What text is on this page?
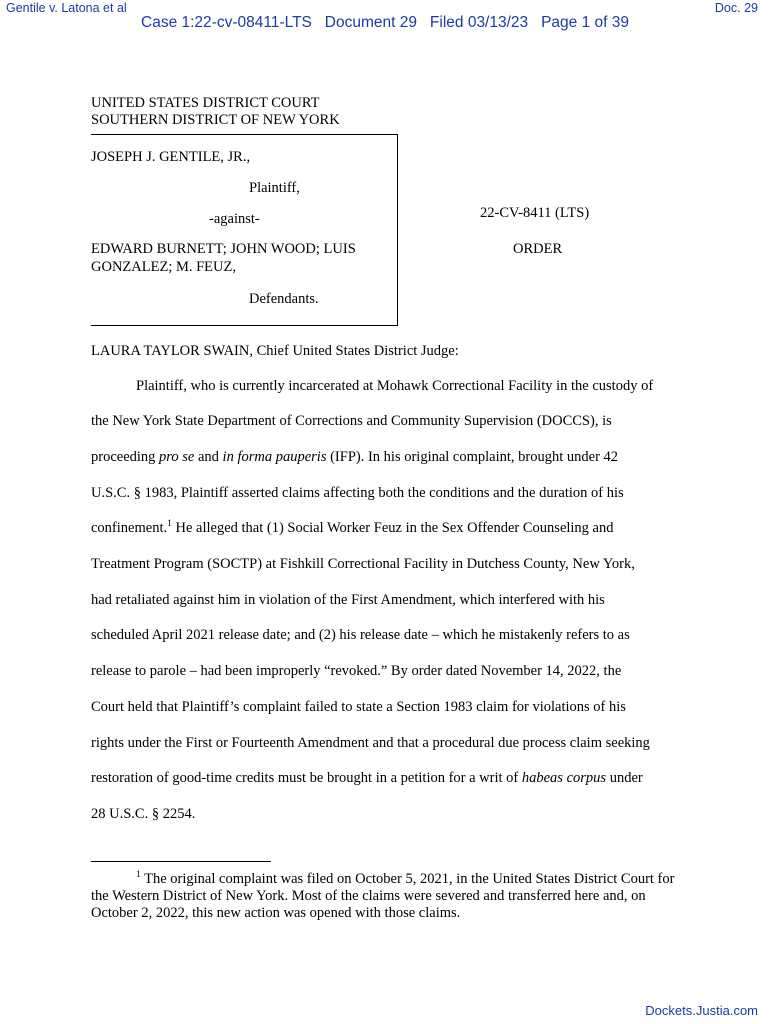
Gentile v. Latona et al	Doc. 29
Case 1:22-cv-08411-LTS   Document 29   Filed 03/13/23   Page 1 of 39
UNITED STATES DISTRICT COURT
SOUTHERN DISTRICT OF NEW YORK
JOSEPH J. GENTILE, JR.,
Plaintiff,
-against-
EDWARD BURNETT; JOHN WOOD; LUIS
GONZALEZ; M. FEUZ,
Defendants.
22-CV-8411 (LTS)
ORDER
LAURA TAYLOR SWAIN, Chief United States District Judge:
Plaintiff, who is currently incarcerated at Mohawk Correctional Facility in the custody of
the New York State Department of Corrections and Community Supervision (DOCCS), is
proceeding pro se and in forma pauperis (IFP). In his original complaint, brought under 42
U.S.C. § 1983, Plaintiff asserted claims affecting both the conditions and the duration of his
confinement.$^1$ He alleged that (1) Social Worker Feuz in the Sex Offender Counseling and
Treatment Program (SOCTP) at Fishkill Correctional Facility in Dutchess County, New York,
had retaliated against him in violation of the First Amendment, which interfered with his
scheduled April 2021 release date; and (2) his release date – which he mistakenly refers to as
release to parole – had been improperly “revoked.” By order dated November 14, 2022, the
Court held that Plaintiff’s complaint failed to state a Section 1983 claim for violations of his
rights under the First or Fourteenth Amendment and that a procedural due process claim seeking
restoration of good-time credits must be brought in a petition for a writ of habeas corpus under
28 U.S.C. § 2254.
$^1$ The original complaint was filed on October 5, 2021, in the United States District Court for the Western District of New York. Most of the claims were severed and transferred here and, on October 2, 2022, this new action was opened with those claims.
Dockets.Justia.com
